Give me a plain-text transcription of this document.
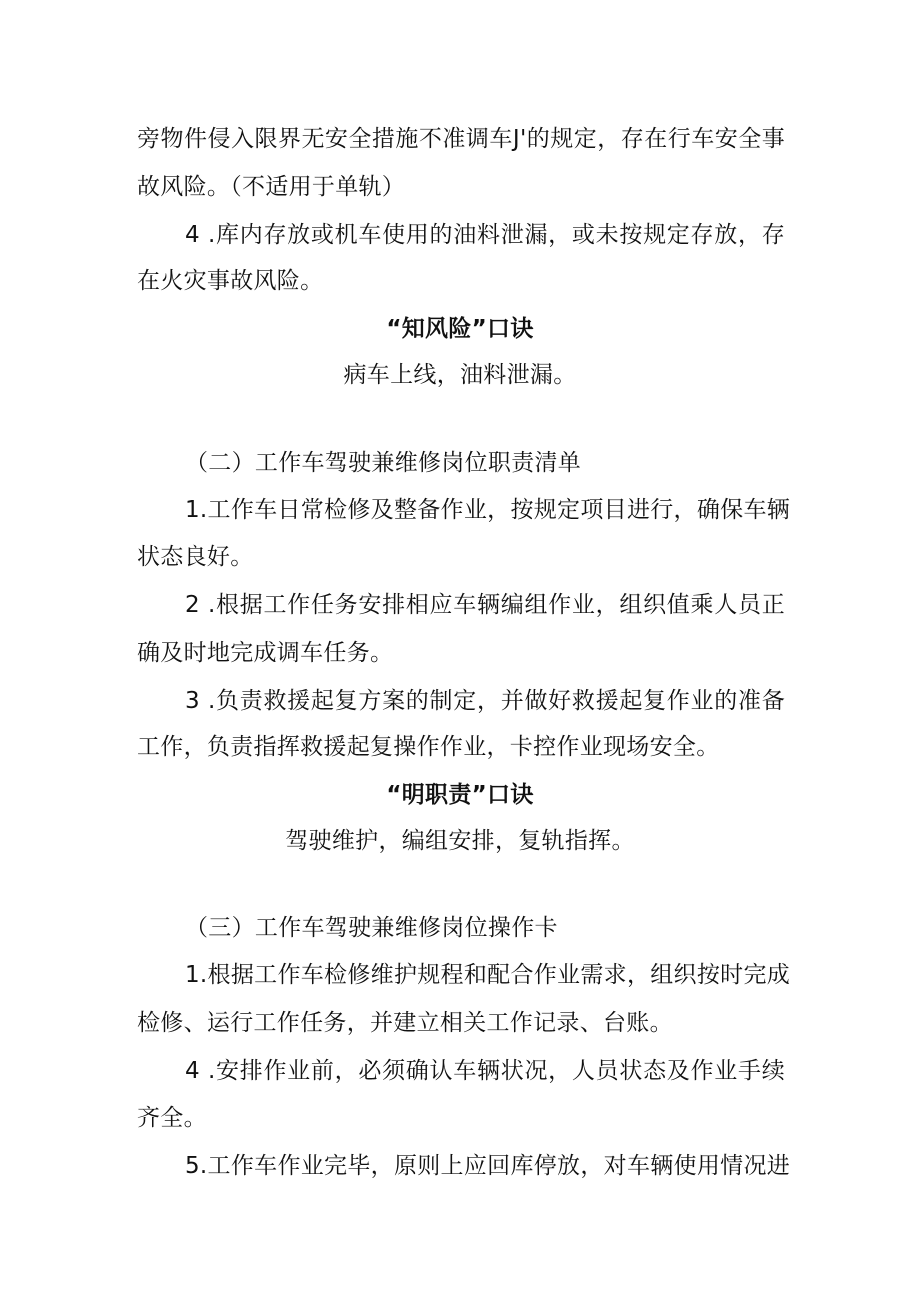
旁物件侵入限界无安全措施不准调车J'的规定，存在行车安全事
故风险。（不适用于单轨）
4 .库内存放或机车使用的油料泄漏，或未按规定存放，存
在火灾事故风险。
“知风险”口诀
病车上线，油料泄漏。
（二）工作车驾驶兼维修岗位职责清单
1.工作车日常检修及整备作业，按规定项目进行，确保车辆
状态良好。
2 .根据工作任务安排相应车辆编组作业，组织值乘人员正
确及时地完成调车任务。
3 .负责救援起复方案的制定，并做好救援起复作业的准备
工作，负责指挥救援起复操作作业，卡控作业现场安全。
“明职责”口诀
驾驶维护，编组安排，复轨指挥。
（三）工作车驾驶兼维修岗位操作卡
1.根据工作车检修维护规程和配合作业需求，组织按时完成
检修、运行工作任务，并建立相关工作记录、台账。
4 .安排作业前，必须确认车辆状况，人员状态及作业手续
齐全。
5.工作车作业完毕，原则上应回库停放，对车辆使用情况进
